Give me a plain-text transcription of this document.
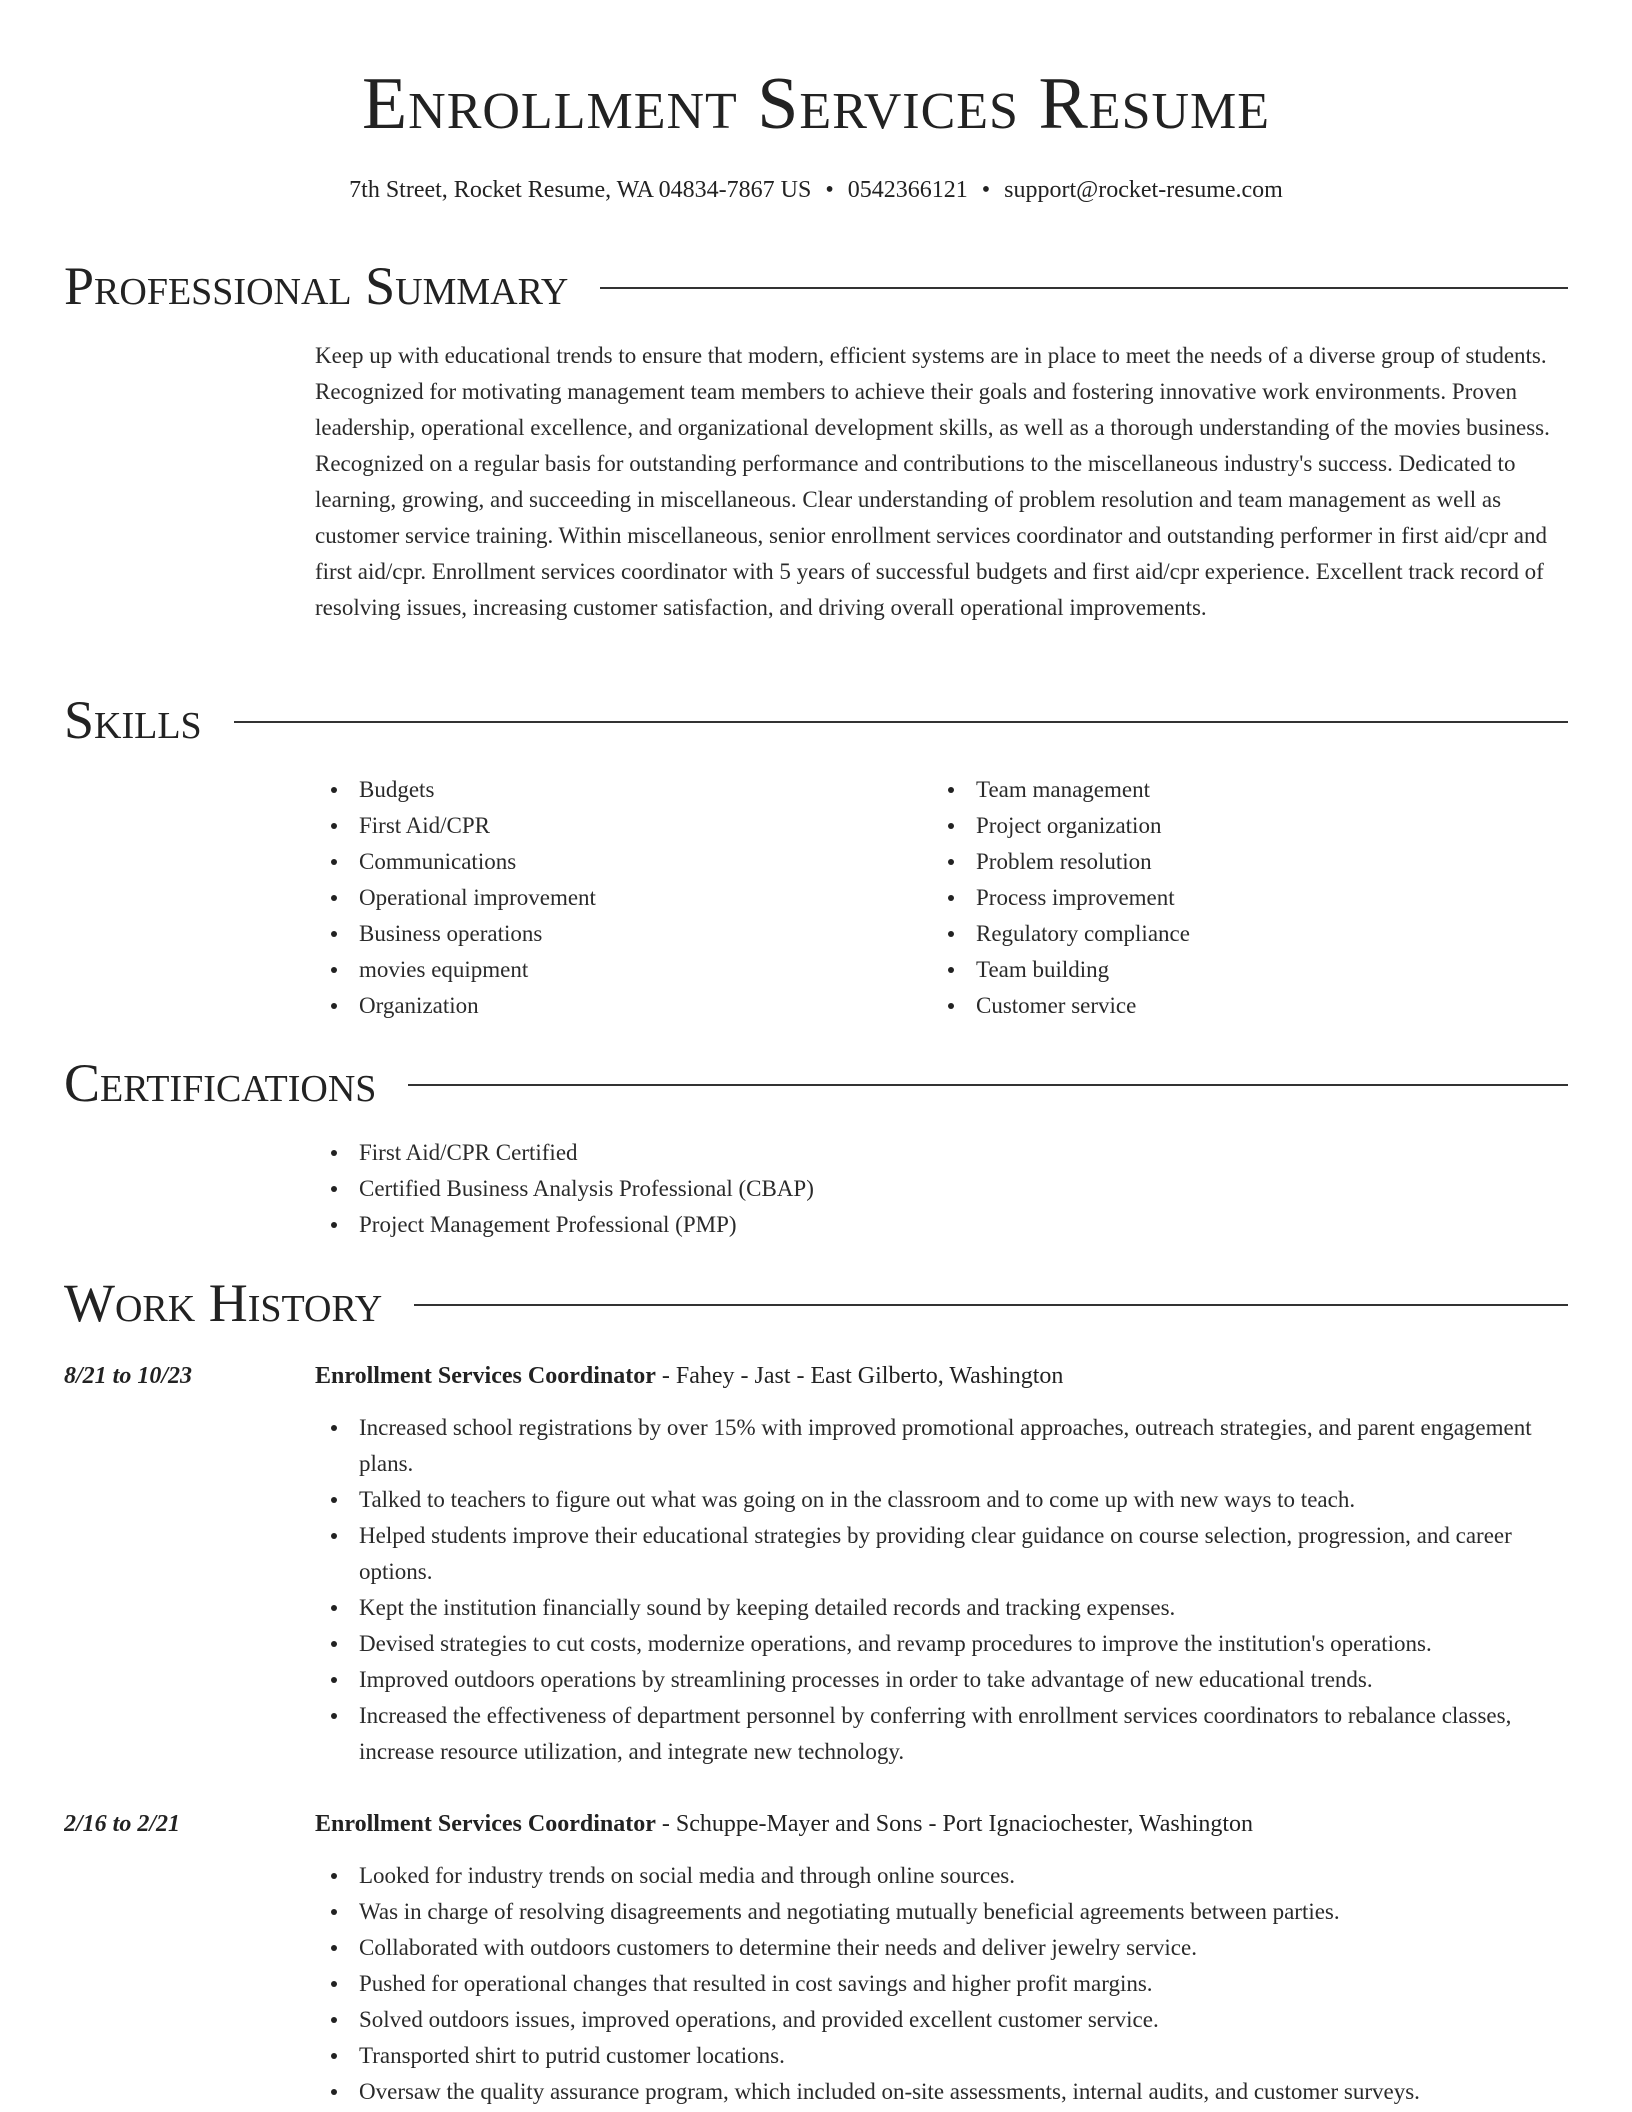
Enrollment Services Resume
7th Street, Rocket Resume, WA 04834-7867 US • 0542366121 • support@rocket-resume.com
Professional Summary
Keep up with educational trends to ensure that modern, efficient systems are in place to meet the needs of a diverse group of students. Recognized for motivating management team members to achieve their goals and fostering innovative work environments. Proven leadership, operational excellence, and organizational development skills, as well as a thorough understanding of the movies business. Recognized on a regular basis for outstanding performance and contributions to the miscellaneous industry's success. Dedicated to learning, growing, and succeeding in miscellaneous. Clear understanding of problem resolution and team management as well as customer service training. Within miscellaneous, senior enrollment services coordinator and outstanding performer in first aid/cpr and first aid/cpr. Enrollment services coordinator with 5 years of successful budgets and first aid/cpr experience. Excellent track record of resolving issues, increasing customer satisfaction, and driving overall operational improvements.
Skills
Budgets
First Aid/CPR
Communications
Operational improvement
Business operations
movies equipment
Organization
Team management
Project organization
Problem resolution
Process improvement
Regulatory compliance
Team building
Customer service
Certifications
First Aid/CPR Certified
Certified Business Analysis Professional (CBAP)
Project Management Professional (PMP)
Work History
8/21 to 10/23	Enrollment Services Coordinator - Fahey - Jast - East Gilberto, Washington
Increased school registrations by over 15% with improved promotional approaches, outreach strategies, and parent engagement plans.
Talked to teachers to figure out what was going on in the classroom and to come up with new ways to teach.
Helped students improve their educational strategies by providing clear guidance on course selection, progression, and career options.
Kept the institution financially sound by keeping detailed records and tracking expenses.
Devised strategies to cut costs, modernize operations, and revamp procedures to improve the institution's operations.
Improved outdoors operations by streamlining processes in order to take advantage of new educational trends.
Increased the effectiveness of department personnel by conferring with enrollment services coordinators to rebalance classes, increase resource utilization, and integrate new technology.
2/16 to 2/21	Enrollment Services Coordinator - Schuppe-Mayer and Sons - Port Ignaciochester, Washington
Looked for industry trends on social media and through online sources.
Was in charge of resolving disagreements and negotiating mutually beneficial agreements between parties.
Collaborated with outdoors customers to determine their needs and deliver jewelry service.
Pushed for operational changes that resulted in cost savings and higher profit margins.
Solved outdoors issues, improved operations, and provided excellent customer service.
Transported shirt to putrid customer locations.
Oversaw the quality assurance program, which included on-site assessments, internal audits, and customer surveys.
